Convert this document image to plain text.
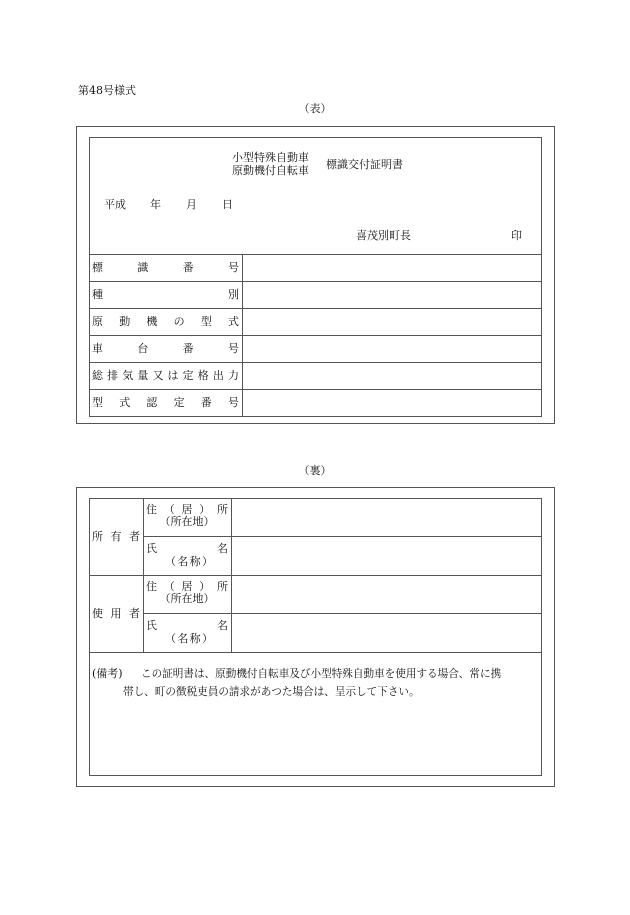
第48号様式
（表）
小型特殊自動車
原動機付自転車 標識交付証明書
平成 年 月 日
喜茂別町長	印
標	識	番	号
種	別
原 動 機 の 型 式
車	台	番	号
総 排 気 量 又 は 定 格 出 力
型 式 認 定 番 号
（裏）
所 有 者
住 （ 居 ） 所
（所在地）
氏	名
（ 名 称 ）
使 用 者
住 （ 居 ） 所
（所在地）
氏	名
（ 名 称 ）
(備考) この証明書は、原動機付自転車及び小型特殊自動車を使用する場合、常に携
帯し、町の徴税吏員の請求があつた場合は、呈示して下さい。
